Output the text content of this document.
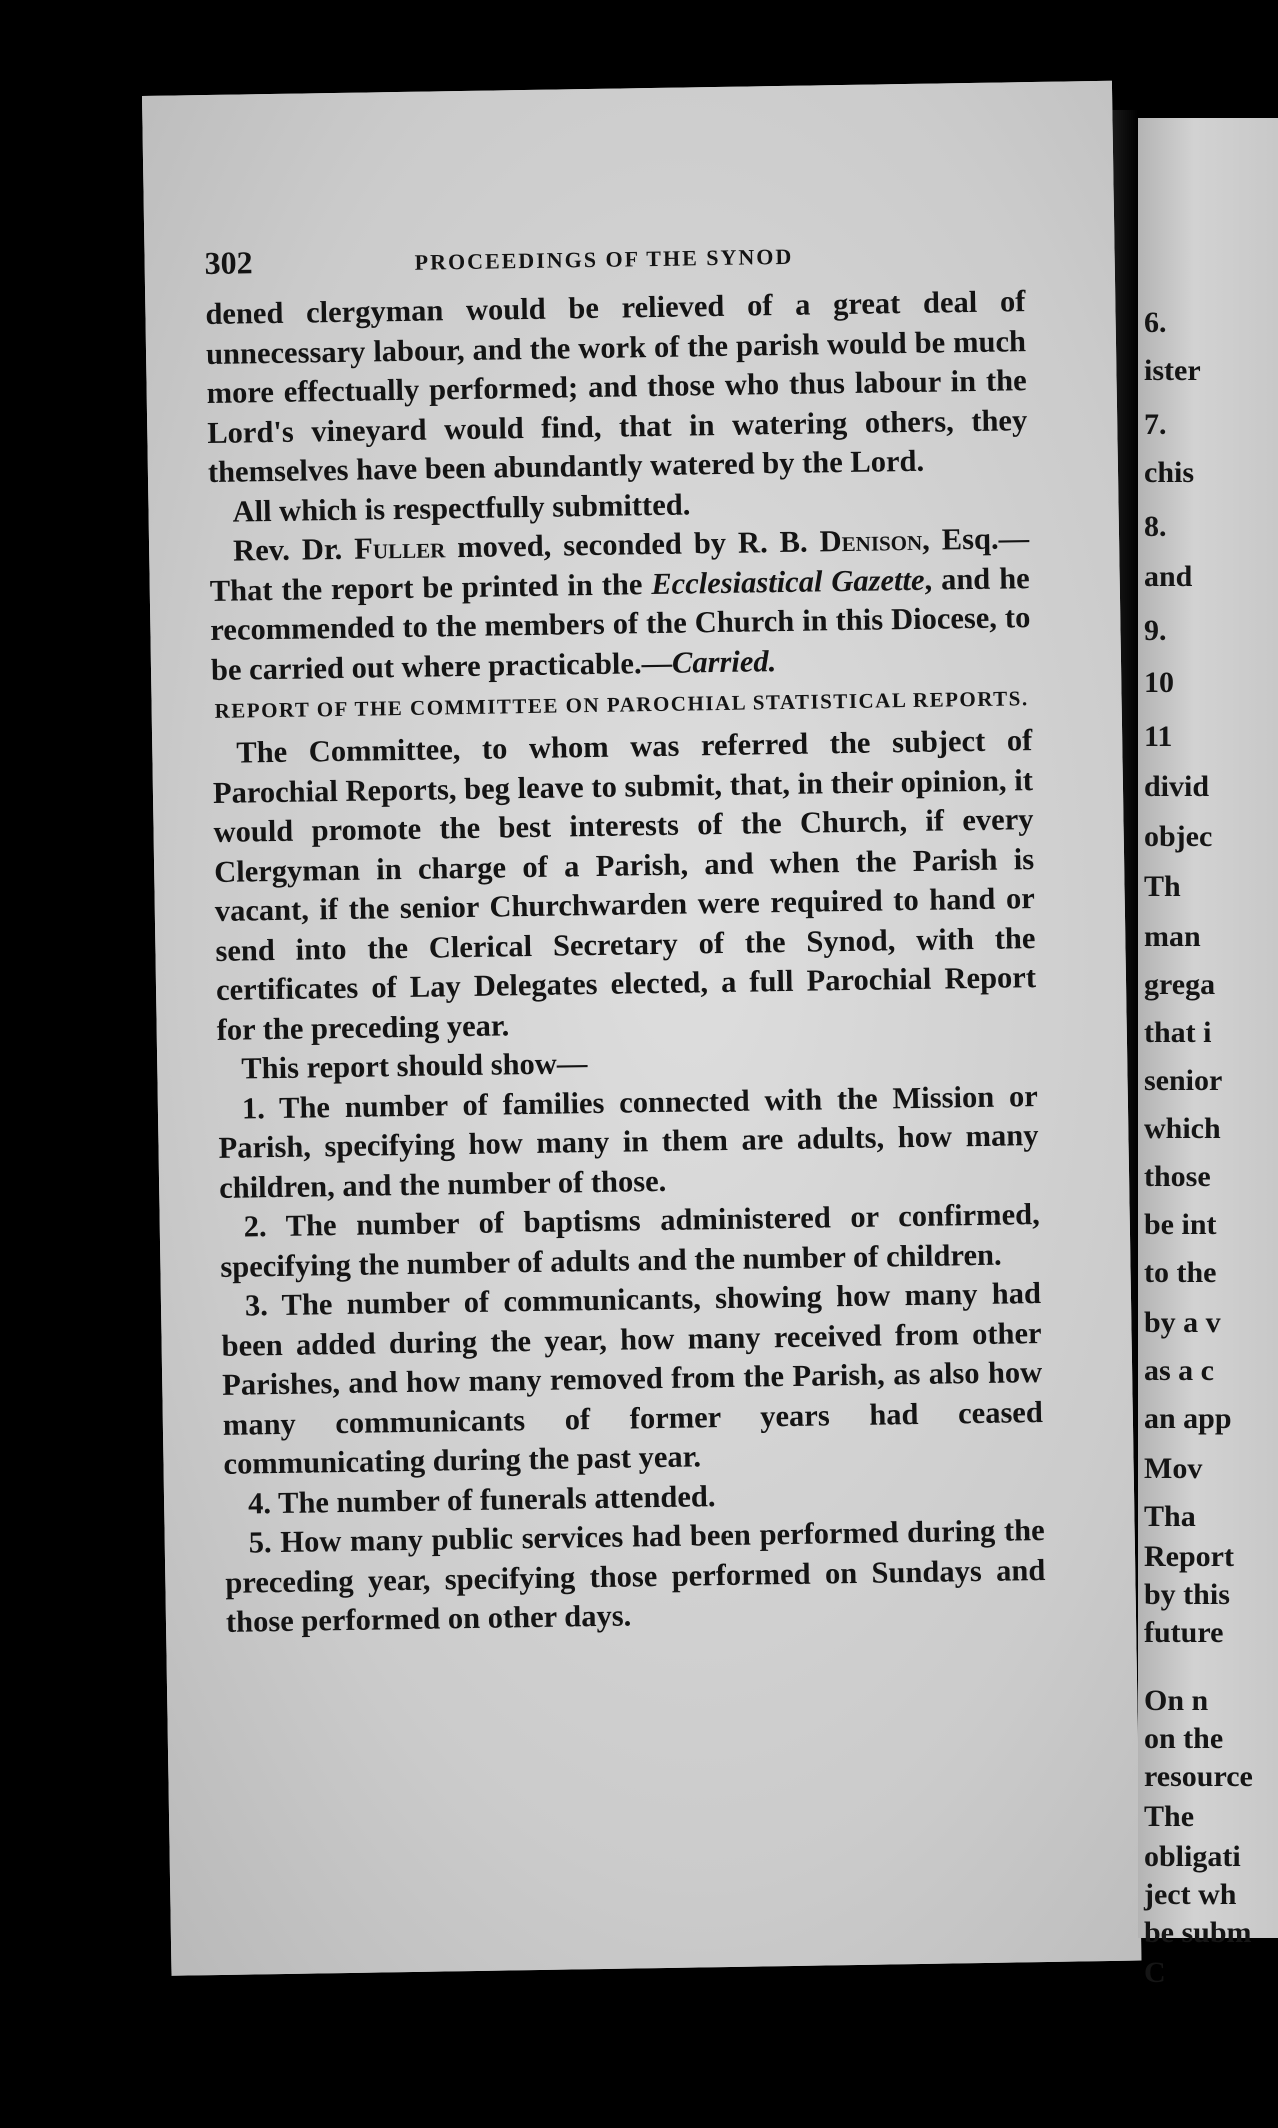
302	PROCEEDINGS OF THE SYNOD

dened clergyman would be relieved of a great deal of unnecessary labour, and the work of the parish would be much more effectually performed; and those who thus labour in the Lord's vineyard would find, that in watering others, they themselves have been abundantly watered by the Lord.

All which is respectfully submitted.

Rev. Dr. Fuller moved, seconded by R. B. Denison, Esq.—That the report be printed in the Ecclesiastical Gazette, and he recommended to the members of the Church in this Diocese, to be carried out where practicable.—Carried.

REPORT OF THE COMMITTEE ON PAROCHIAL STATISTICAL REPORTS.

The Committee, to whom was referred the subject of Parochial Reports, beg leave to submit, that, in their opinion, it would promote the best interests of the Church, if every Clergyman in charge of a Parish, and when the Parish is vacant, if the senior Churchwarden were required to hand or send into the Clerical Secretary of the Synod, with the certificates of Lay Delegates elected, a full Parochial Report for the preceding year.

This report should show—

1. The number of families connected with the Mission or Parish, specifying how many in them are adults, how many children, and the number of those.

2. The number of baptisms administered or confirmed, specifying the number of adults and the number of children.

3. The number of communicants, showing how many had been added during the year, how many received from other Parishes, and how many removed from the Parish, as also how many communicants of former years had ceased communicating during the past year.

4. The number of funerals attended.

5. How many public services had been performed during the preceding year, specifying those performed on Sundays and those performed on other days.

6.
ister
7.
chis
8.
and
9.
10
11
divid
objec
Th
man
grega
that i
senior
which
those
be int
to the
by a v
as a c
an app
Mov
Tha
Report
by this
future
On n
on the
resource
The
obligati
ject wh
be subm
C
